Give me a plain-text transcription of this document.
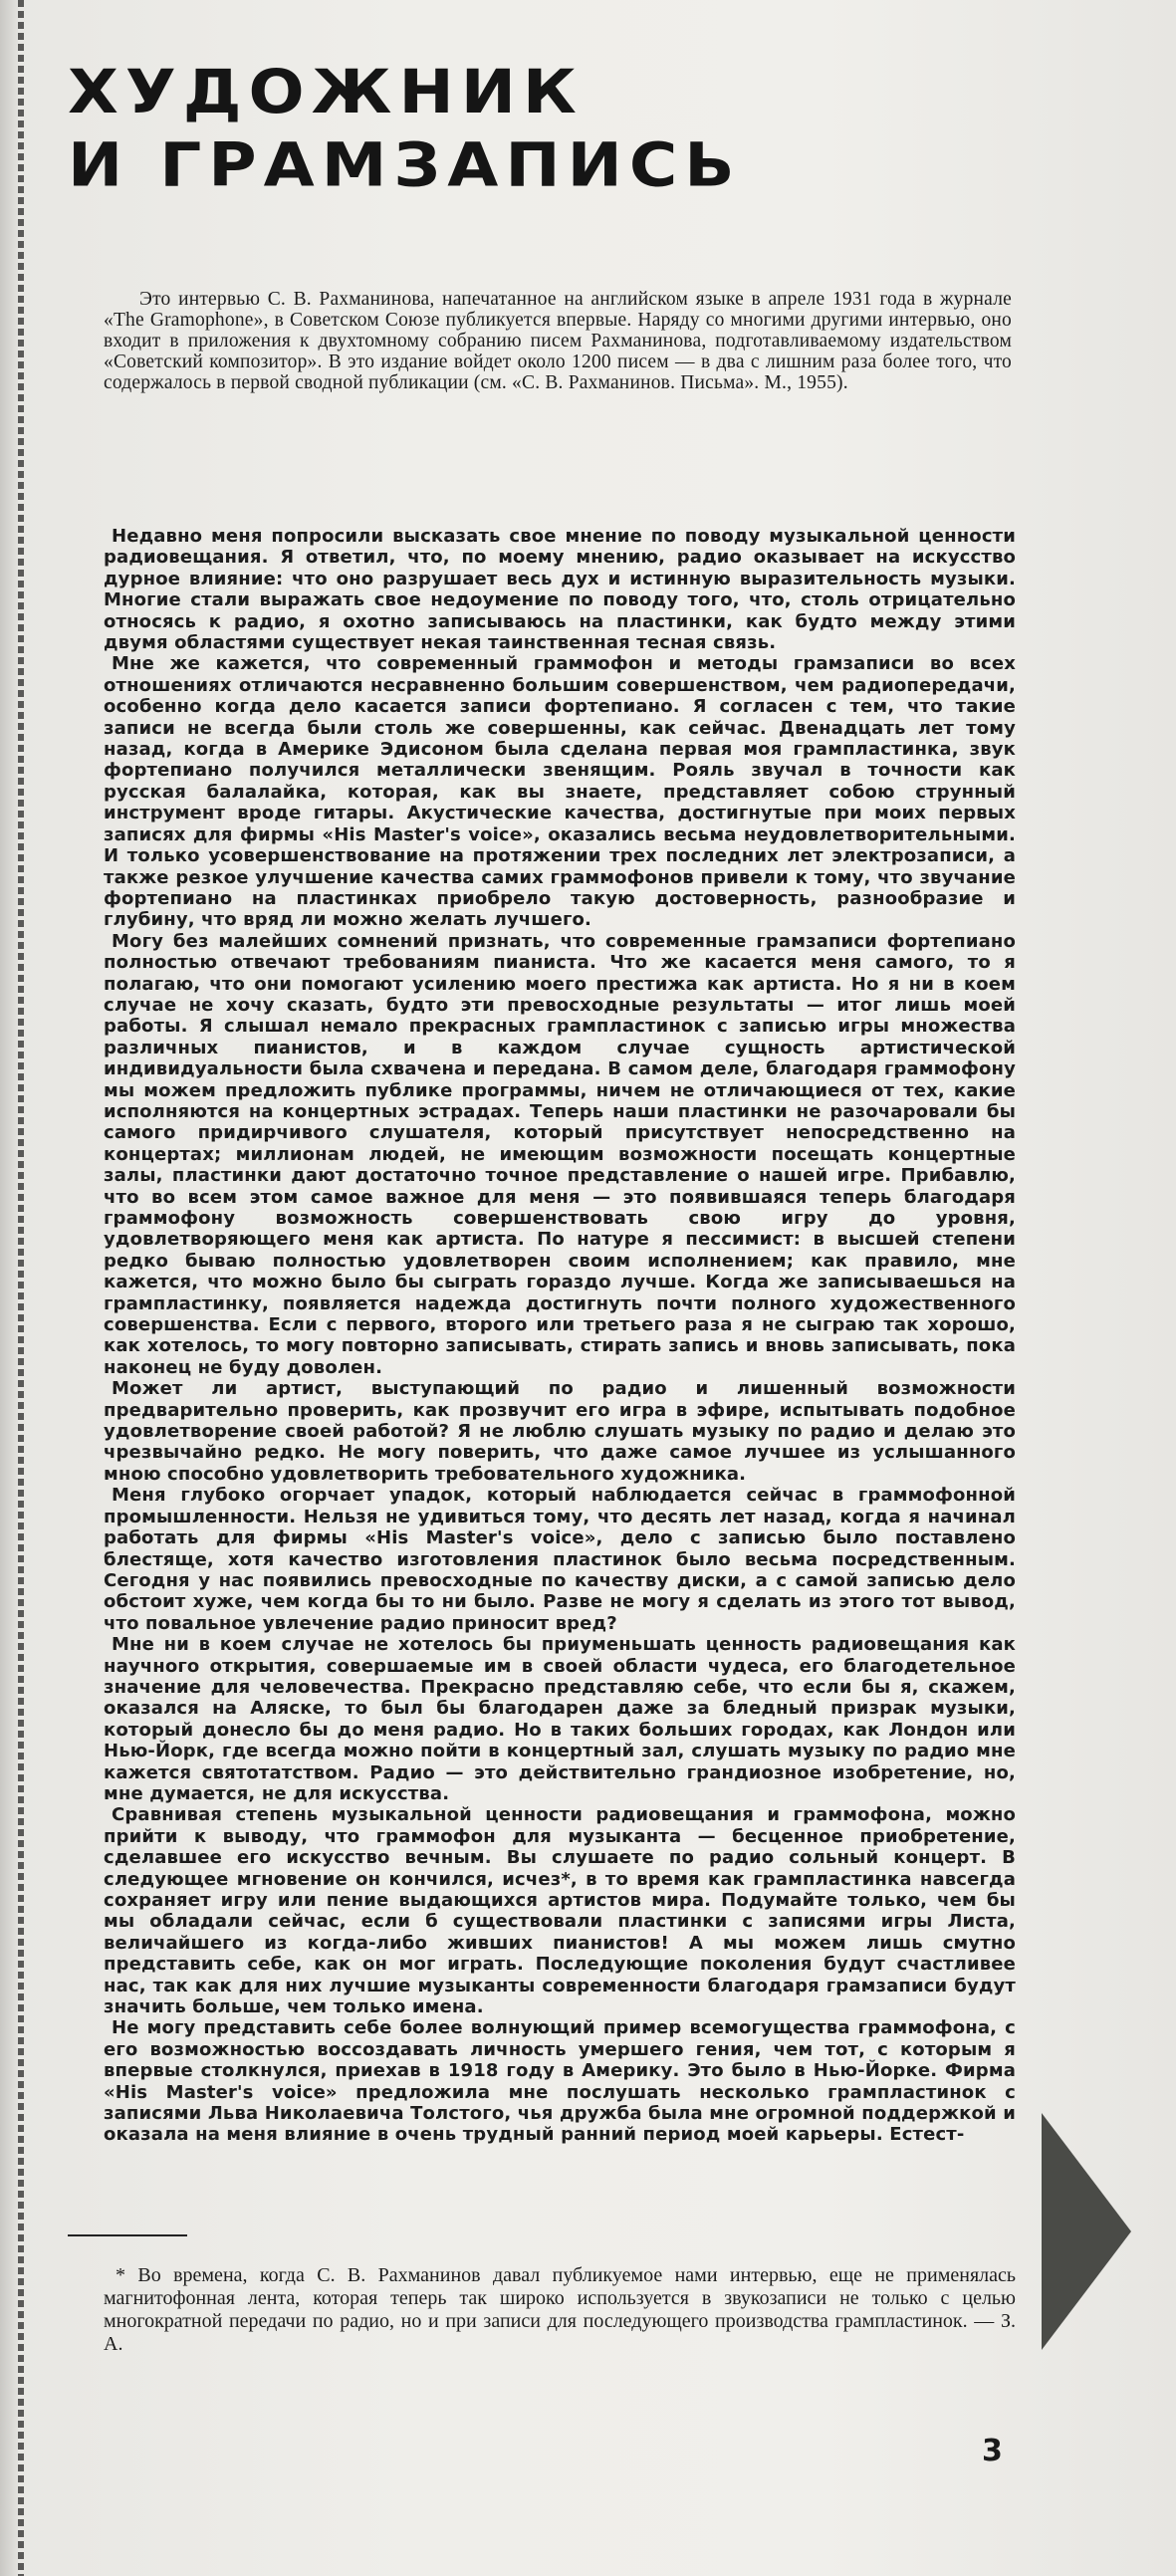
ХУДОЖНИК
И ГРАМЗАПИСЬ

Это интервью С. В. Рахманинова, напечатанное на английском языке в апреле 1931 года в журнале «The Gramophone», в Советском Союзе публикуется впервые. Наряду со многими другими интервью, оно входит в приложения к двухтомному собранию писем Рахманинова, подготавливаемому издательством «Советский композитор». В это издание войдет около 1200 писем — в два с лишним раза более того, что содержалось в первой сводной публикации (см. «С. В. Рахманинов. Письма». М., 1955).

Недавно меня попросили высказать свое мнение по поводу музыкальной ценности радиовещания. Я ответил, что, по моему мнению, радио оказывает на искусство дурное влияние: что оно разрушает весь дух и истинную выразительность музыки. Многие стали выражать свое недоумение по поводу того, что, столь отрицательно относясь к радио, я охотно записываюсь на пластинки, как будто между этими двумя областями существует некая таинственная тесная связь.

Мне же кажется, что современный граммофон и методы грамзаписи во всех отношениях отличаются несравненно большим совершенством, чем радиопередачи, особенно когда дело касается записи фортепиано. Я согласен с тем, что такие записи не всегда были столь же совершенны, как сейчас. Двенадцать лет тому назад, когда в Америке Эдисоном была сделана первая моя грампластинка, звук фортепиано получился металлически звенящим. Рояль звучал в точности как русская балалайка, которая, как вы знаете, представляет собою струнный инструмент вроде гитары. Акустические качества, достигнутые при моих первых записях для фирмы «His Master's voice», оказались весьма неудовлетворительными. И только усовершенствование на протяжении трех последних лет электрозаписи, а также резкое улучшение качества самих граммофонов привели к тому, что звучание фортепиано на пластинках приобрело такую достоверность, разнообразие и глубину, что вряд ли можно желать лучшего.

Могу без малейших сомнений признать, что современные грамзаписи фортепиано полностью отвечают требованиям пианиста. Что же касается меня самого, то я полагаю, что они помогают усилению моего престижа как артиста. Но я ни в коем случае не хочу сказать, будто эти превосходные результаты — итог лишь моей работы. Я слышал немало прекрасных грампластинок с записью игры множества различных пианистов, и в каждом случае сущность артистической индивидуальности была схвачена и передана. В самом деле, благодаря граммофону мы можем предложить публике программы, ничем не отличающиеся от тех, какие исполняются на концертных эстрадах. Теперь наши пластинки не разочаровали бы самого придирчивого слушателя, который присутствует непосредственно на концертах; миллионам людей, не имеющим возможности посещать концертные залы, пластинки дают достаточно точное представление о нашей игре. Прибавлю, что во всем этом самое важное для меня — это появившаяся теперь благодаря граммофону возможность совершенствовать свою игру до уровня, удовлетворяющего меня как артиста. По натуре я пессимист: в высшей степени редко бываю полностью удовлетворен своим исполнением; как правило, мне кажется, что можно было бы сыграть гораздо лучше. Когда же записываешься на грампластинку, появляется надежда достигнуть почти полного художественного совершенства. Если с первого, второго или третьего раза я не сыграю так хорошо, как хотелось, то могу повторно записывать, стирать запись и вновь записывать, пока наконец не буду доволен.

Может ли артист, выступающий по радио и лишенный возможности предварительно проверить, как прозвучит его игра в эфире, испытывать подобное удовлетворение своей работой? Я не люблю слушать музыку по радио и делаю это чрезвычайно редко. Не могу поверить, что даже самое лучшее из услышанного мною способно удовлетворить требовательного художника.

Меня глубоко огорчает упадок, который наблюдается сейчас в граммофонной промышленности. Нельзя не удивиться тому, что десять лет назад, когда я начинал работать для фирмы «His Master's voice», дело с записью было поставлено блестяще, хотя качество изготовления пластинок было весьма посредственным. Сегодня у нас появились превосходные по качеству диски, а с самой записью дело обстоит хуже, чем когда бы то ни было. Разве не могу я сделать из этого тот вывод, что повальное увлечение радио приносит вред?

Мне ни в коем случае не хотелось бы приуменьшать ценность радиовещания как научного открытия, совершаемые им в своей области чудеса, его благодетельное значение для человечества. Прекрасно представляю себе, что если бы я, скажем, оказался на Аляске, то был бы благодарен даже за бледный призрак музыки, который донесло бы до меня радио. Но в таких больших городах, как Лондон или Нью-Йорк, где всегда можно пойти в концертный зал, слушать музыку по радио мне кажется святотатством. Радио — это действительно грандиозное изобретение, но, мне думается, не для искусства.

Сравнивая степень музыкальной ценности радиовещания и граммофона, можно прийти к выводу, что граммофон для музыканта — бесценное приобретение, сделавшее его искусство вечным. Вы слушаете по радио сольный концерт. В следующее мгновение он кончился, исчез*, в то время как грампластинка навсегда сохраняет игру или пение выдающихся артистов мира. Подумайте только, чем бы мы обладали сейчас, если б существовали пластинки с записями игры Листа, величайшего из когда-либо живших пианистов! А мы можем лишь смутно представить себе, как он мог играть. Последующие поколения будут счастливее нас, так как для них лучшие музыканты современности благодаря грамзаписи будут значить больше, чем только имена.

Не могу представить себе более волнующий пример всемогущества граммофона, с его возможностью воссоздавать личность умершего гения, чем тот, с которым я впервые столкнулся, приехав в 1918 году в Америку. Это было в Нью-Йорке. Фирма «His Master's voice» предложила мне послушать несколько грампластинок с записями Льва Николаевича Толстого, чья дружба была мне огромной поддержкой и оказала на меня влияние в очень трудный ранний период моей карьеры. Естест-

* Во времена, когда С. В. Рахманинов давал публикуемое нами интервью, еще не применялась магнитофонная лента, которая теперь так широко используется в звукозаписи не только с целью многократной передачи по радио, но и при записи для последующего производства грампластинок. — З. А.

3
